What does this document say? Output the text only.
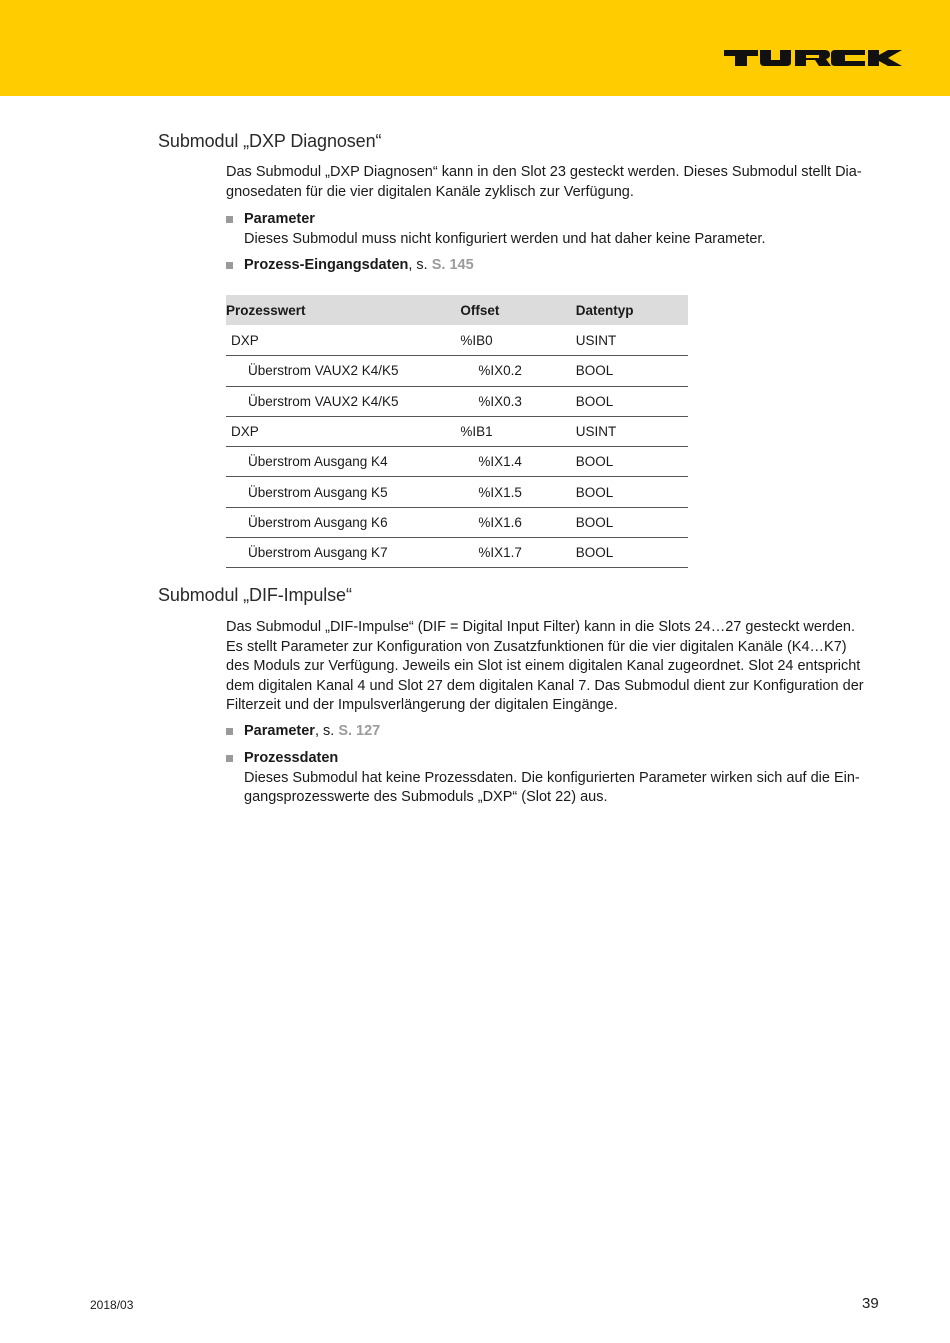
Submodul „DXP Diagnosen“
Das Submodul „DXP Diagnosen“ kann in den Slot 23 gesteckt werden. Dieses Submodul stellt Dia-
gnosedaten für die vier digitalen Kanäle zyklisch zur Verfügung.
Parameter
Dieses Submodul muss nicht konfiguriert werden und hat daher keine Parameter.
Prozess-Eingangsdaten, s. S. 145
Prozesswert	Offset	Datentyp
DXP	%IB0	USINT
Überstrom VAUX2 K4/K5	%IX0.2	BOOL
Überstrom VAUX2 K4/K5	%IX0.3	BOOL
DXP	%IB1	USINT
Überstrom Ausgang K4	%IX1.4	BOOL
Überstrom Ausgang K5	%IX1.5	BOOL
Überstrom Ausgang K6	%IX1.6	BOOL
Überstrom Ausgang K7	%IX1.7	BOOL
Submodul „DIF-Impulse“
Das Submodul „DIF-Impulse“ (DIF = Digital Input Filter) kann in die Slots 24…27 gesteckt werden.
Es stellt Parameter zur Konfiguration von Zusatzfunktionen für die vier digitalen Kanäle (K4…K7)
des Moduls zur Verfügung. Jeweils ein Slot ist einem digitalen Kanal zugeordnet. Slot 24 entspricht
dem digitalen Kanal 4 und Slot 27 dem digitalen Kanal 7. Das Submodul dient zur Konfiguration der
Filterzeit und der Impulsverlängerung der digitalen Eingänge.
Parameter, s. S. 127
Prozessdaten
Dieses Submodul hat keine Prozessdaten. Die konfigurierten Parameter wirken sich auf die Ein-
gangsprozesswerte des Submoduls „DXP“ (Slot 22) aus.
2018/03	39
